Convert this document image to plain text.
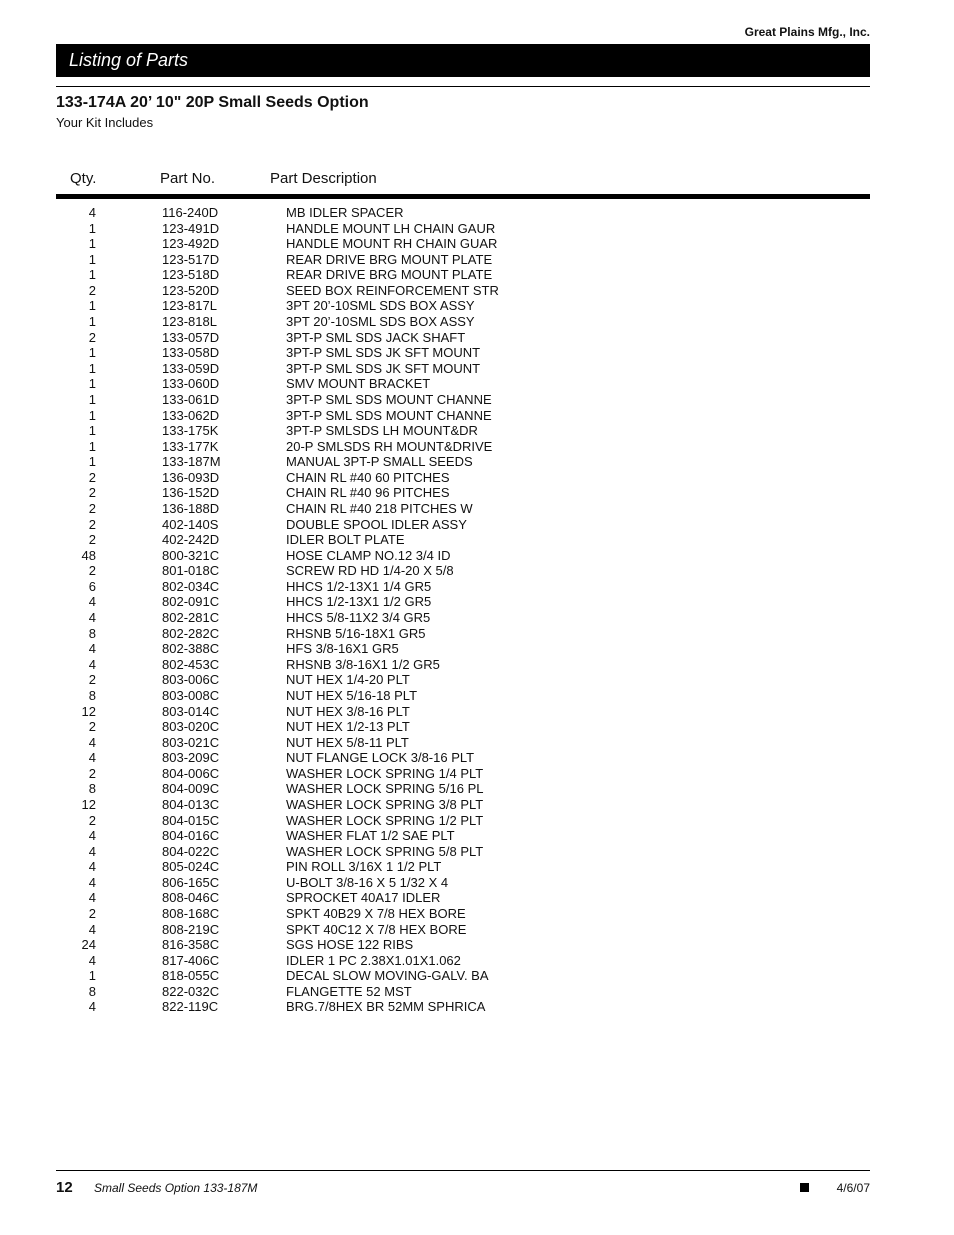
Great Plains Mfg., Inc.
Listing of Parts
133-174A 20’ 10" 20P Small Seeds Option
Your Kit Includes
Qty.	Part No.	Part Description
4	116-240D	MB IDLER SPACER
1	123-491D	HANDLE MOUNT LH CHAIN GAUR
1	123-492D	HANDLE MOUNT RH CHAIN GUAR
1	123-517D	REAR DRIVE BRG MOUNT PLATE
1	123-518D	REAR DRIVE BRG MOUNT PLATE
2	123-520D	SEED BOX REINFORCEMENT STR
1	123-817L	3PT 20’-10SML SDS BOX ASSY
1	123-818L	3PT 20’-10SML SDS BOX ASSY
2	133-057D	3PT-P SML SDS JACK SHAFT
1	133-058D	3PT-P SML SDS JK SFT MOUNT
1	133-059D	3PT-P SML SDS JK SFT MOUNT
1	133-060D	SMV MOUNT BRACKET
1	133-061D	3PT-P SML SDS MOUNT CHANNE
1	133-062D	3PT-P SML SDS MOUNT CHANNE
1	133-175K	3PT-P SMLSDS LH MOUNT&DR
1	133-177K	20-P SMLSDS RH MOUNT&DRIVE
1	133-187M	MANUAL 3PT-P SMALL SEEDS
2	136-093D	CHAIN RL #40 60 PITCHES
2	136-152D	CHAIN RL #40 96 PITCHES
2	136-188D	CHAIN RL #40 218 PITCHES W
2	402-140S	DOUBLE SPOOL IDLER ASSY
2	402-242D	IDLER BOLT PLATE
48	800-321C	HOSE CLAMP NO.12 3/4 ID
2	801-018C	SCREW RD HD 1/4-20 X 5/8
6	802-034C	HHCS 1/2-13X1 1/4 GR5
4	802-091C	HHCS 1/2-13X1 1/2 GR5
4	802-281C	HHCS 5/8-11X2 3/4 GR5
8	802-282C	RHSNB 5/16-18X1 GR5
4	802-388C	HFS 3/8-16X1 GR5
4	802-453C	RHSNB 3/8-16X1 1/2 GR5
2	803-006C	NUT HEX 1/4-20 PLT
8	803-008C	NUT HEX 5/16-18 PLT
12	803-014C	NUT HEX 3/8-16 PLT
2	803-020C	NUT HEX 1/2-13 PLT
4	803-021C	NUT HEX 5/8-11 PLT
4	803-209C	NUT FLANGE LOCK 3/8-16 PLT
2	804-006C	WASHER LOCK SPRING 1/4 PLT
8	804-009C	WASHER LOCK SPRING 5/16 PL
12	804-013C	WASHER LOCK SPRING 3/8 PLT
2	804-015C	WASHER LOCK SPRING 1/2 PLT
4	804-016C	WASHER FLAT 1/2 SAE PLT
4	804-022C	WASHER LOCK SPRING 5/8 PLT
4	805-024C	PIN ROLL 3/16X 1 1/2 PLT
4	806-165C	U-BOLT 3/8-16 X 5 1/32 X 4
4	808-046C	SPROCKET 40A17 IDLER
2	808-168C	SPKT 40B29 X 7/8 HEX BORE
4	808-219C	SPKT 40C12 X 7/8 HEX BORE
24	816-358C	SGS HOSE 122 RIBS
4	817-406C	IDLER 1 PC 2.38X1.01X1.062
1	818-055C	DECAL SLOW MOVING-GALV. BA
8	822-032C	FLANGETTE 52 MST
4	822-119C	BRG.7/8HEX BR 52MM SPHRICA
12 Small Seeds Option 133-187M	4/6/07
